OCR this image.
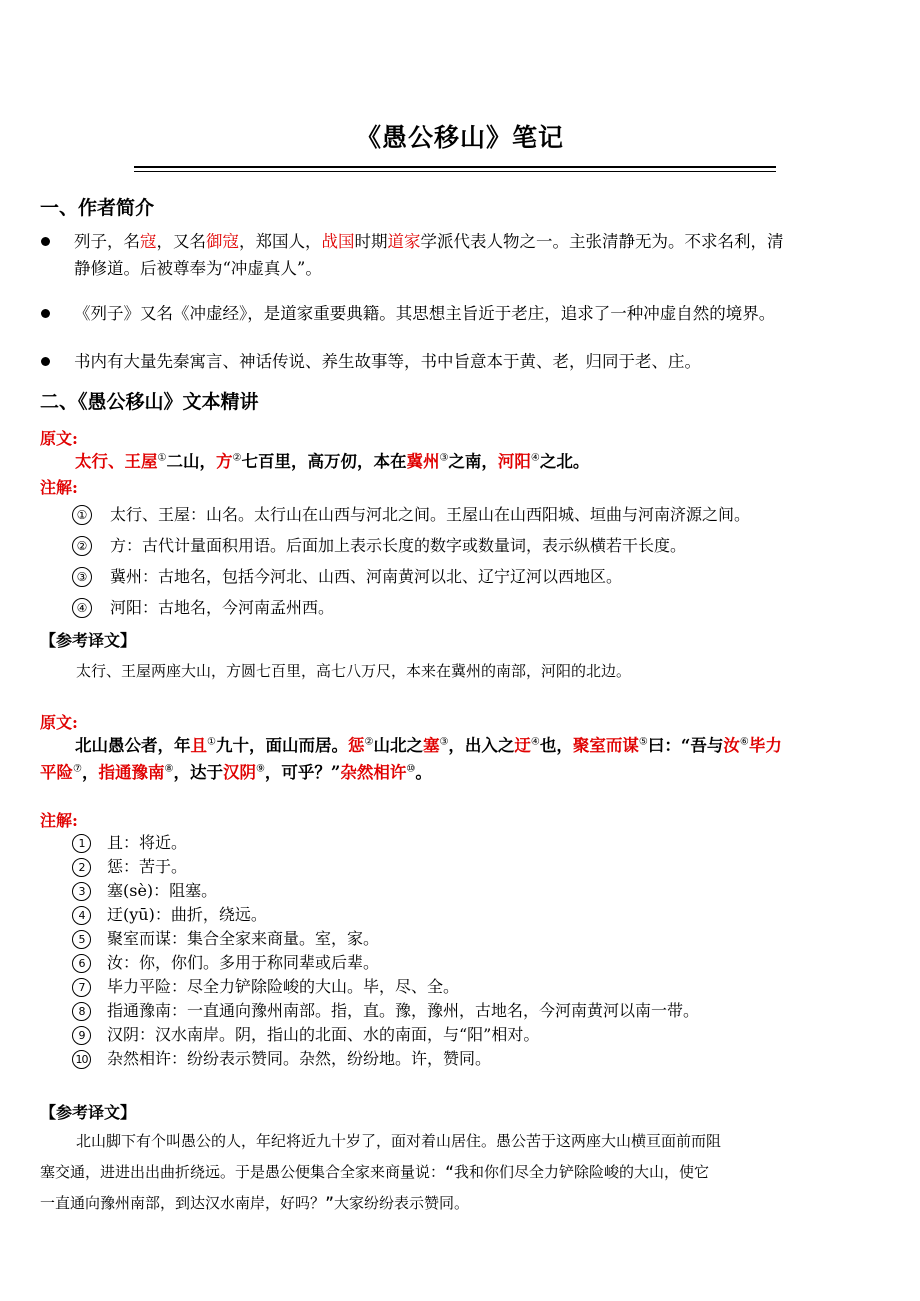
《愚公移山》笔记
一、作者简介
列子，名寇，又名御寇，郑国人，战国时期道家学派代表人物之一。主张清静无为。不求名利，清
静修道。后被尊奉为“冲虚真人”。
《列子》又名《冲虚经》，是道家重要典籍。其思想主旨近于老庄，追求了一种冲虚自然的境界。
书内有大量先秦寓言、神话传说、养生故事等，书中旨意本于黄、老，归同于老、庄。
二、《愚公移山》文本精讲
原文:
太行、王屋①二山，方②七百里，高万仞，本在冀州③之南，河阳④之北。
注解:
① 太行、王屋：山名。太行山在山西与河北之间。王屋山在山西阳城、垣曲与河南济源之间。
② 方：古代计量面积用语。后面加上表示长度的数字或数量词，表示纵横若干长度。
③ 冀州：古地名，包括今河北、山西、河南黄河以北、辽宁辽河以西地区。
④ 河阳：古地名，今河南孟州西。
【参考译文】
太行、王屋两座大山，方圆七百里，高七八万尺，本来在冀州的南部，河阳的北边。
原文:
北山愚公者，年且①九十，面山而居。惩②山北之塞③，出入之迂④也，聚室而谋⑤曰：“吾与汝⑥毕力
平险⑦，指通豫南⑧，达于汉阴⑨，可乎？”杂然相许⑩。
注解:
1 且：将近。
2 惩：苦于。
3 塞(sè)：阻塞。
4 迂(yū)：曲折，绕远。
5 聚室而谋：集合全家来商量。室，家。
6 汝：你，你们。多用于称同辈或后辈。
7 毕力平险：尽全力铲除险峻的大山。毕，尽、全。
8 指通豫南：一直通向豫州南部。指，直。豫，豫州，古地名，今河南黄河以南一带。
9 汉阴：汉水南岸。阴，指山的北面、水的南面，与“阳”相对。
10 杂然相许：纷纷表示赞同。杂然，纷纷地。许，赞同。
【参考译文】
北山脚下有个叫愚公的人，年纪将近九十岁了，面对着山居住。愚公苦于这两座大山横亘面前而阻
塞交通，进进出出曲折绕远。于是愚公便集合全家来商量说：“我和你们尽全力铲除险峻的大山，使它
一直通向豫州南部，到达汉水南岸，好吗？”大家纷纷表示赞同。
